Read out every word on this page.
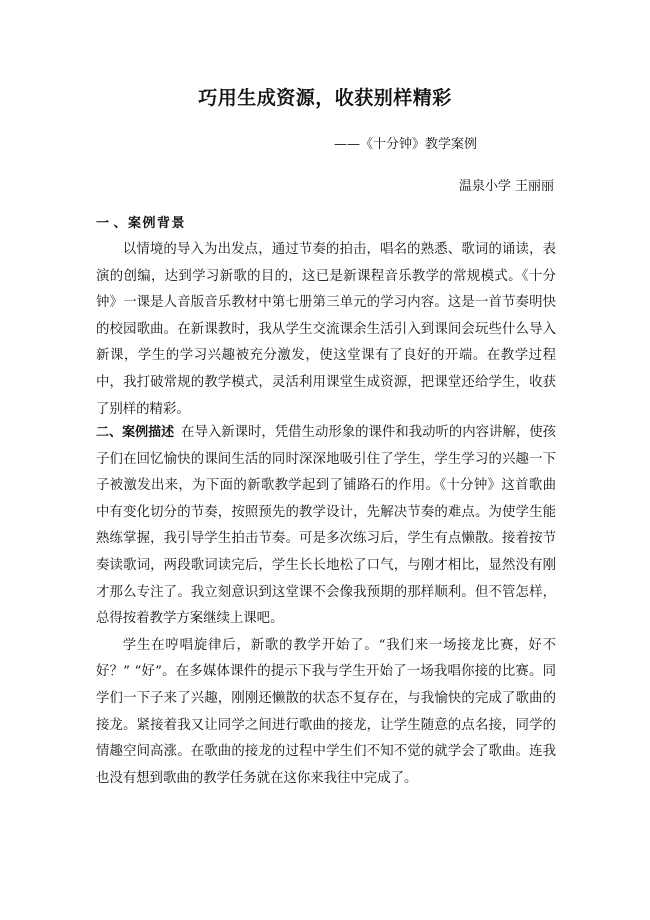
巧用生成资源，收获别样精彩
——《十分钟》教学案例
温泉小学 王丽丽
一 、案例背景

以情境的导入为出发点，通过节奏的拍击，唱名的熟悉、歌词的诵读，表演的创编，达到学习新歌的目的，这已是新课程音乐教学的常规模式。《十分钟》一课是人音版音乐教材中第七册第三单元的学习内容。这是一首节奏明快的校园歌曲。在新课教时，我从学生交流课余生活引入到课间会玩些什么导入新课，学生的学习兴趣被充分激发，使这堂课有了良好的开端。在教学过程中，我打破常规的教学模式，灵活利用课堂生成资源，把课堂还给学生，收获了别样的精彩。

二、 案例描述 在导入新课时，凭借生动形象的课件和我动听的内容讲解，使孩

子们在回忆愉快的课间生活的同时深深地吸引住了学生，学生学习的兴趣一下子被激发出来，为下面的新歌教学起到了铺路石的作用。《十分钟》这首歌曲中有变化切分的节奏，按照预先的教学设计，先解决节奏的难点。为使学生能熟练掌握，我引导学生拍击节奏。可是多次练习后，学生有点懒散。接着按节奏读歌词，两段歌词读完后，学生长长地松了口气，与刚才相比，显然没有刚才那么专注了。我立刻意识到这堂课不会像我预期的那样顺利。但不管怎样，总得按着教学方案继续上课吧。

学生在哼唱旋律后，新歌的教学开始了。“我们来一场接龙比赛，好不好？” “好”。在多媒体课件的提示下我与学生开始了一场我唱你接的比赛。同学们一下子来了兴趣，刚刚还懒散的状态不复存在，与我愉快的完成了歌曲的接龙。紧接着我又让同学之间进行歌曲的接龙，让学生随意的点名接，同学的情趣空间高涨。在歌曲的接龙的过程中学生们不知不觉的就学会了歌曲。连我也没有想到歌曲的教学任务就在这你来我往中完成了。
